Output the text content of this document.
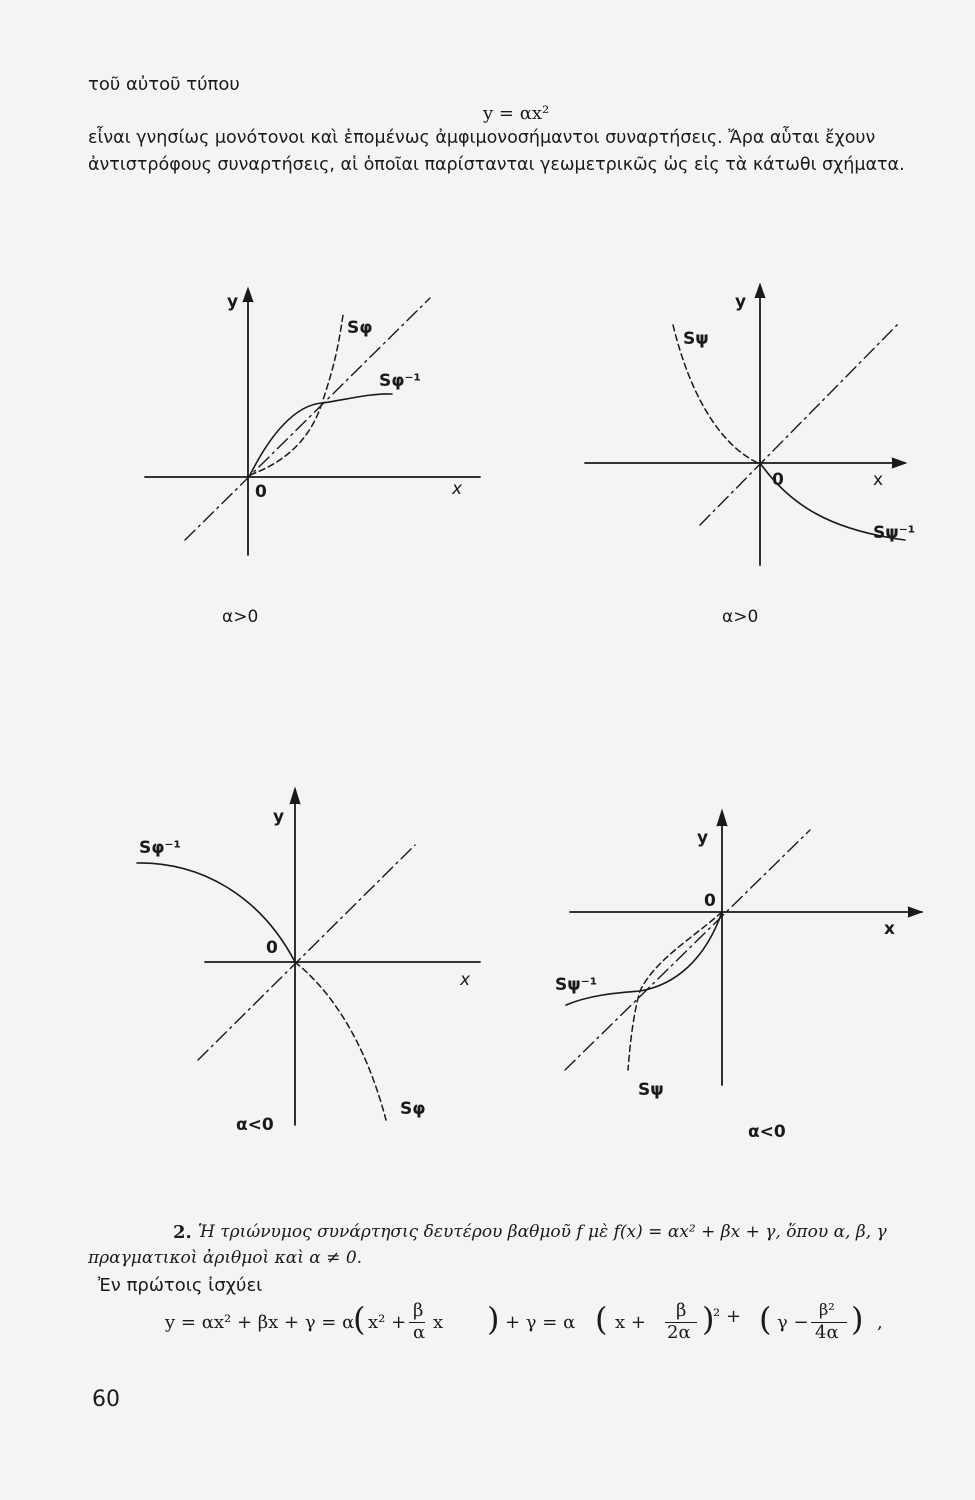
τοῦ αὐτοῦ τύπου
y = αx²
εἶναι γνησίως μονότονοι καὶ ἑπομένως ἀμφιμονοσήμαντοι συναρτήσεις. Ἄρα αὗται ἔχουν
ἀντιστρόφους συναρτήσεις, αἱ ὁποῖαι παρίστανται γεωμετρικῶς ὡς εἰς τὰ κάτωθι σχήματα.
y
0	x
Sφ
Sφ⁻¹
α>0
y
0	x
Sψ
Sψ⁻¹
α>0
y
0
x
Sφ⁻¹
Sφ
α<0
y
0
x
Sψ⁻¹
Sψ
α<0
2. Ἡ τριώνυμος συνάρτησις δευτέρου βαθμοῦ f μὲ f(x) = αx² + βx + γ, ὅπου α, β, γ
πραγματικοὶ ἀριθμοὶ καὶ α ≠ 0.
Ἐν πρώτοις ἰσχύει
y = αx² + βx + γ = α
( x² +
β
α x ) + γ = α ( x +
β
2α )
² + ( γ −
β²
4α ) ,
60
